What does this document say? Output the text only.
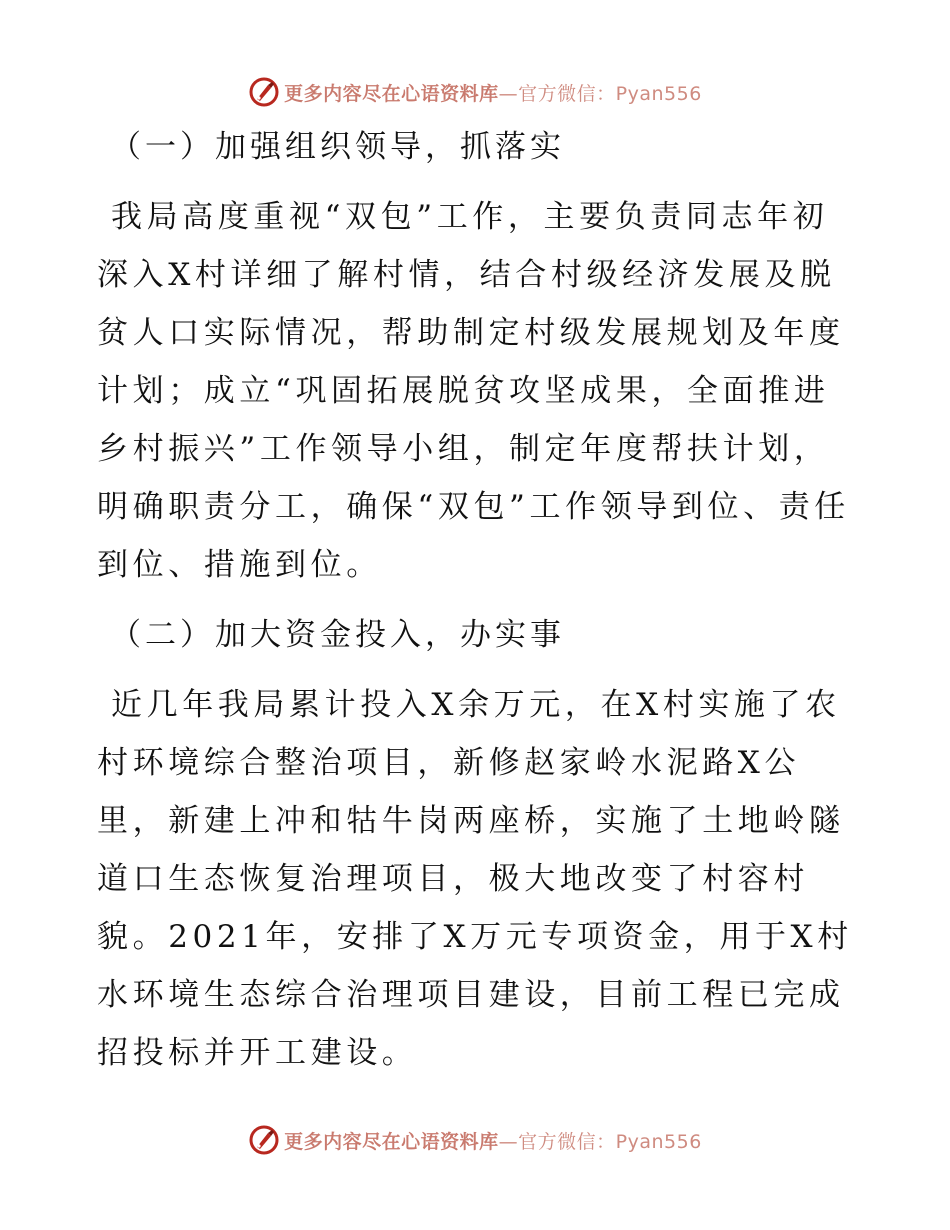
更多内容尽在心语资料库—官方微信：Pyan556
（一）加强组织领导，抓落实
我局高度重视“双包”工作，主要负责同志年初深入X村详细了解村情，结合村级经济发展及脱贫人口实际情况，帮助制定村级发展规划及年度计划；成立“巩固拓展脱贫攻坚成果，全面推进乡村振兴”工作领导小组，制定年度帮扶计划，明确职责分工，确保“双包”工作领导到位、责任到位、措施到位。
（二）加大资金投入，办实事
近几年我局累计投入X余万元，在X村实施了农村环境综合整治项目，新修赵家岭水泥路X公里，新建上冲和牯牛岗两座桥，实施了土地岭隧道口生态恢复治理项目，极大地改变了村容村貌。2021年，安排了X万元专项资金，用于X村水环境生态综合治理项目建设，目前工程已完成招投标并开工建设。
更多内容尽在心语资料库—官方微信：Pyan556
